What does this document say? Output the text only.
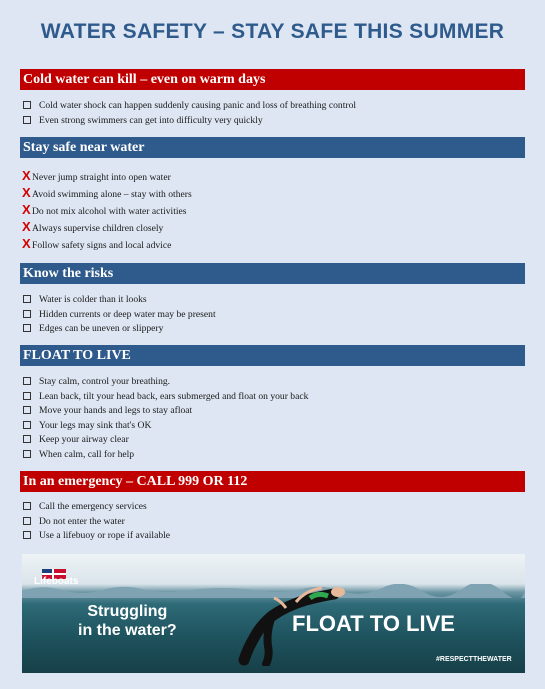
WATER SAFETY – STAY SAFE THIS SUMMER
Cold water can kill – even on warm days
Cold water shock can happen suddenly causing panic and loss of breathing control
Even strong swimmers can get into difficulty very quickly
Stay safe near water
XNever jump straight into open water
XAvoid swimming alone – stay with others
XDo not mix alcohol with water activities
XAlways supervise children closely
XFollow safety signs and local advice
Know the risks
Water is colder than it looks
Hidden currents or deep water may be present
Edges can be uneven or slippery
FLOAT TO LIVE
Stay calm, control your breathing.
Lean back, tilt your head back, ears submerged and float on your back
Move your hands and legs to stay afloat
Your legs may sink that's OK
Keep your airway clear
When calm, call for help
In an emergency – CALL 999 OR 112
Call the emergency services
Do not enter the water
Use a lifebuoy or rope if available
Lifeboats
Struggling
in the water?	FLOAT TO LIVE
#RESPECTTHEWATER
